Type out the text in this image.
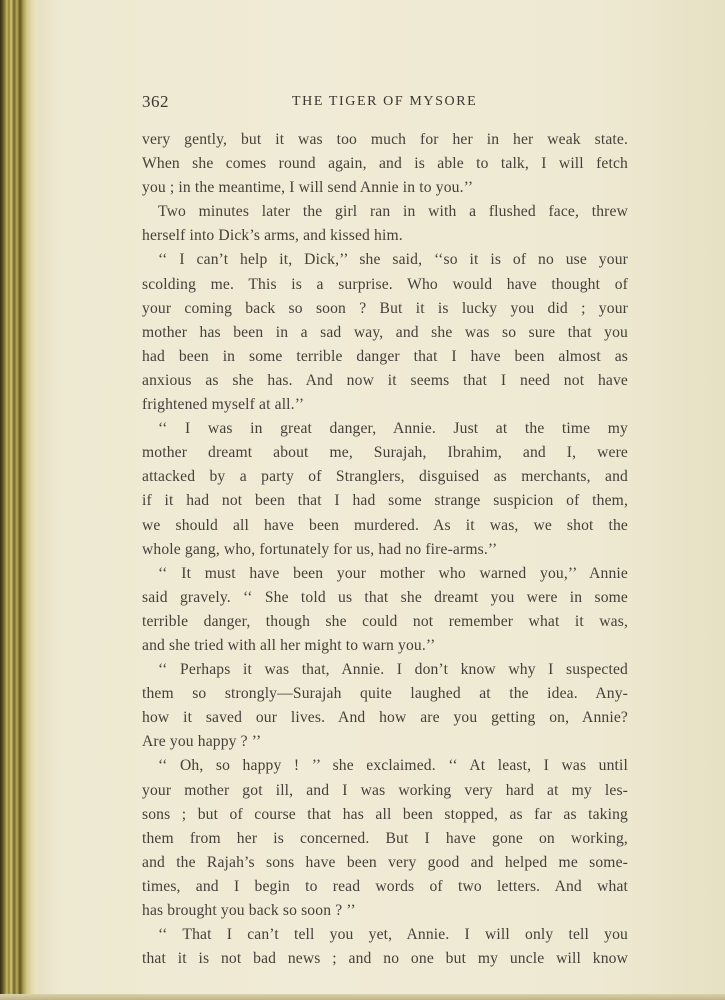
362	THE TIGER OF MYSORE
very gently, but it was too much for her in her weak state.
When she comes round again, and is able to talk, I will fetch
you ; in the meantime, I will send Annie in to you.’’
Two minutes later the girl ran in with a flushed face, threw
herself into Dick’s arms, and kissed him.
‘‘ I can’t help it, Dick,’’ she said, ‘‘so it is of no use your
scolding me. This is a surprise. Who would have thought of
your coming back so soon ? But it is lucky you did ; your
mother has been in a sad way, and she was so sure that you
had been in some terrible danger that I have been almost as
anxious as she has. And now it seems that I need not have
frightened myself at all.’’
‘‘ I was in great danger, Annie. Just at the time my
mother dreamt about me, Surajah, Ibrahim, and I, were
attacked by a party of Stranglers, disguised as merchants, and
if it had not been that I had some strange suspicion of them,
we should all have been murdered. As it was, we shot the
whole gang, who, fortunately for us, had no fire-arms.’’
‘‘ It must have been your mother who warned you,’’ Annie
said gravely. ‘‘ She told us that she dreamt you were in some
terrible danger, though she could not remember what it was,
and she tried with all her might to warn you.’’
‘‘ Perhaps it was that, Annie. I don’t know why I suspected
them so strongly—Surajah quite laughed at the idea. Any-
how it saved our lives. And how are you getting on, Annie?
Are you happy ? ’’
‘‘ Oh, so happy ! ’’ she exclaimed. ‘‘ At least, I was until
your mother got ill, and I was working very hard at my les-
sons ; but of course that has all been stopped, as far as taking
them from her is concerned. But I have gone on working,
and the Rajah’s sons have been very good and helped me some-
times, and I begin to read words of two letters. And what
has brought you back so soon ? ’’
‘‘ That I can’t tell you yet, Annie. I will only tell you
that it is not bad news ; and no one but my uncle will know
